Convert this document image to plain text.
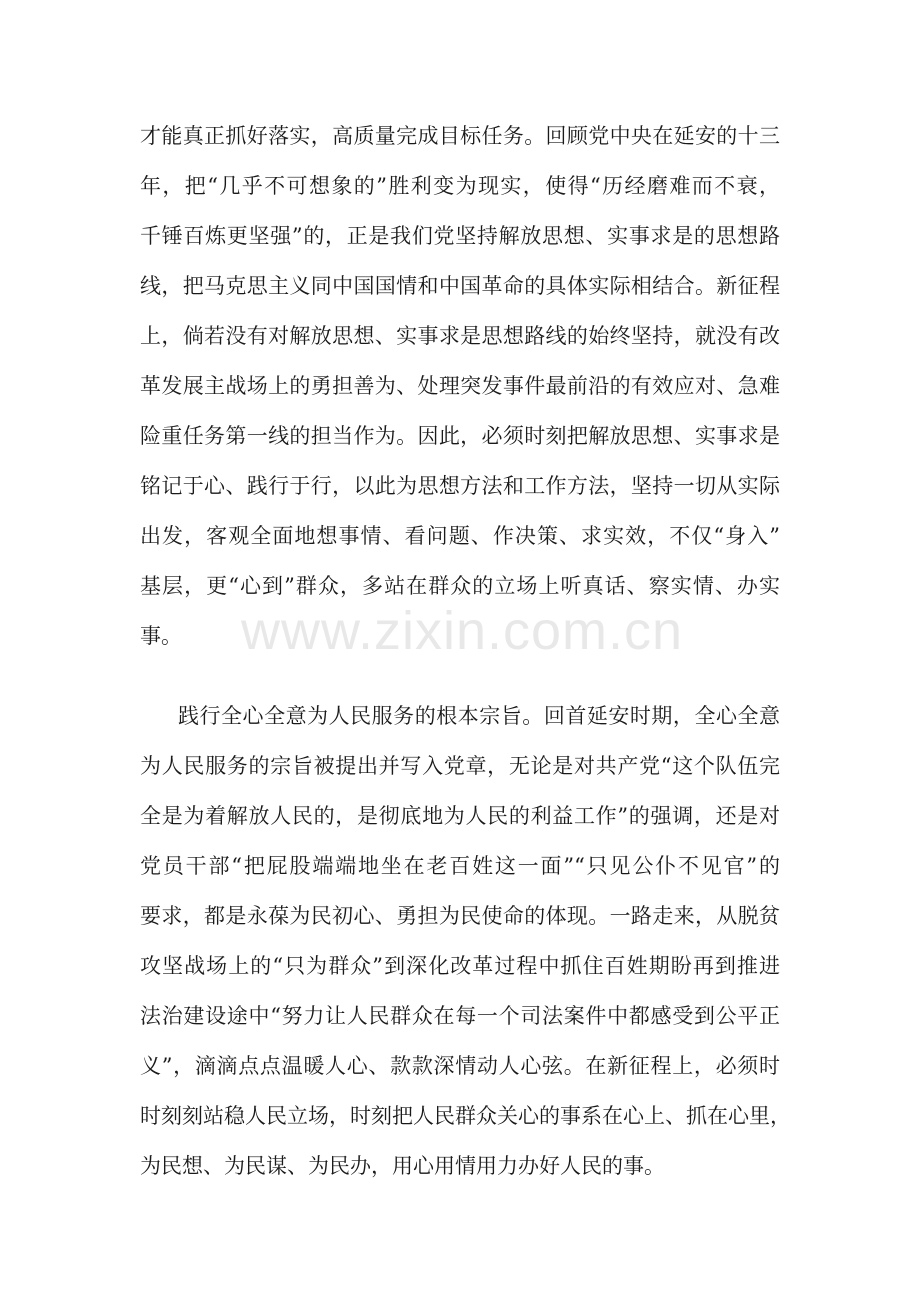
才能真正抓好落实，高质量完成目标任务。回顾党中央在延安的十三
年，把“几乎不可想象的”胜利变为现实，使得“历经磨难而不衰，
千锤百炼更坚强”的，正是我们党坚持解放思想、实事求是的思想路
线，把马克思主义同中国国情和中国革命的具体实际相结合。新征程
上，倘若没有对解放思想、实事求是思想路线的始终坚持，就没有改
革发展主战场上的勇担善为、处理突发事件最前沿的有效应对、急难
险重任务第一线的担当作为。因此，必须时刻把解放思想、实事求是
铭记于心、践行于行，以此为思想方法和工作方法，坚持一切从实际
出发，客观全面地想事情、看问题、作决策、求实效，不仅“身入”
基层，更“心到”群众，多站在群众的立场上听真话、察实情、办实
事。	www.zixin.com.cn
践行全心全意为人民服务的根本宗旨。回首延安时期，全心全意
为人民服务的宗旨被提出并写入党章，无论是对共产党“这个队伍完
全是为着解放人民的，是彻底地为人民的利益工作”的强调，还是对
党员干部“把屁股端端地坐在老百姓这一面”“只见公仆不见官”的
要求，都是永葆为民初心、勇担为民使命的体现。一路走来，从脱贫
攻坚战场上的“只为群众”到深化改革过程中抓住百姓期盼再到推进
法治建设途中“努力让人民群众在每一个司法案件中都感受到公平正
义”，滴滴点点温暖人心、款款深情动人心弦。在新征程上，必须时
时刻刻站稳人民立场，时刻把人民群众关心的事系在心上、抓在心里，
为民想、为民谋、为民办，用心用情用力办好人民的事。
